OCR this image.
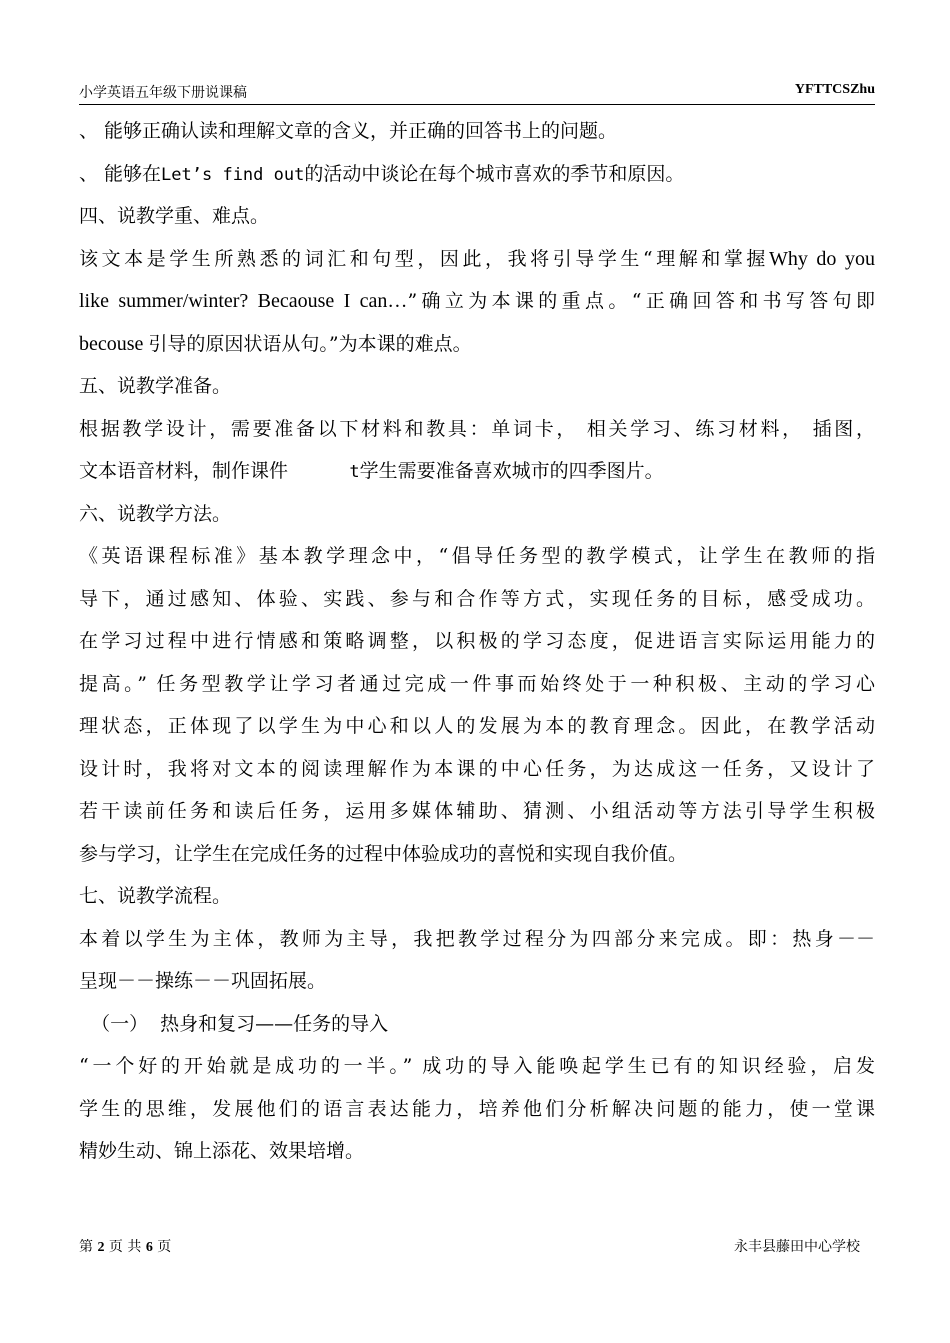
小学英语五年级下册说课稿	YFTTCSZhu
、 能够正确认读和理解文章的含义，并正确的回答书上的问题。
、 能够在Let’s find out的活动中谈论在每个城市喜欢的季节和原因。
四、说教学重、难点。
该文本是学生所熟悉的词汇和句型，因此，我将引导学生“理解和掌握Why do you
like summer/winter? Becaouse I can…”确立为本课的重点。“正确回答和书写答句即
becouse 引导的原因状语从句。”为本课的难点。
五、说教学准备。
根据教学设计，需要准备以下材料和教具：单词卡， 相关学习、练习材料， 插图，
文本语音材料，制作课件      t学生需要准备喜欢城市的四季图片。
六、说教学方法。
《英语课程标准》基本教学理念中，“倡导任务型的教学模式，让学生在教师的指
导下，通过感知、体验、实践、参与和合作等方式，实现任务的目标，感受成功。
在学习过程中进行情感和策略调整，以积极的学习态度，促进语言实际运用能力的
提高。” 任务型教学让学习者通过完成一件事而始终处于一种积极、主动的学习心
理状态，正体现了以学生为中心和以人的发展为本的教育理念。因此，在教学活动
设计时，我将对文本的阅读理解作为本课的中心任务，为达成这一任务，又设计了
若干读前任务和读后任务，运用多媒体辅助、猜测、小组活动等方法引导学生积极
参与学习，让学生在完成任务的过程中体验成功的喜悦和实现自我价值。
七、说教学流程。
本着以学生为主体，教师为主导，我把教学过程分为四部分来完成。即：热身－－
呈现－－操练－－巩固拓展。
（一）  热身和复习——任务的导入
“一个好的开始就是成功的一半。” 成功的导入能唤起学生已有的知识经验，启发
学生的思维，发展他们的语言表达能力，培养他们分析解决问题的能力，使一堂课
精妙生动、锦上添花、效果培增。
第 2 页 共 6 页	永丰县藤田中心学校
